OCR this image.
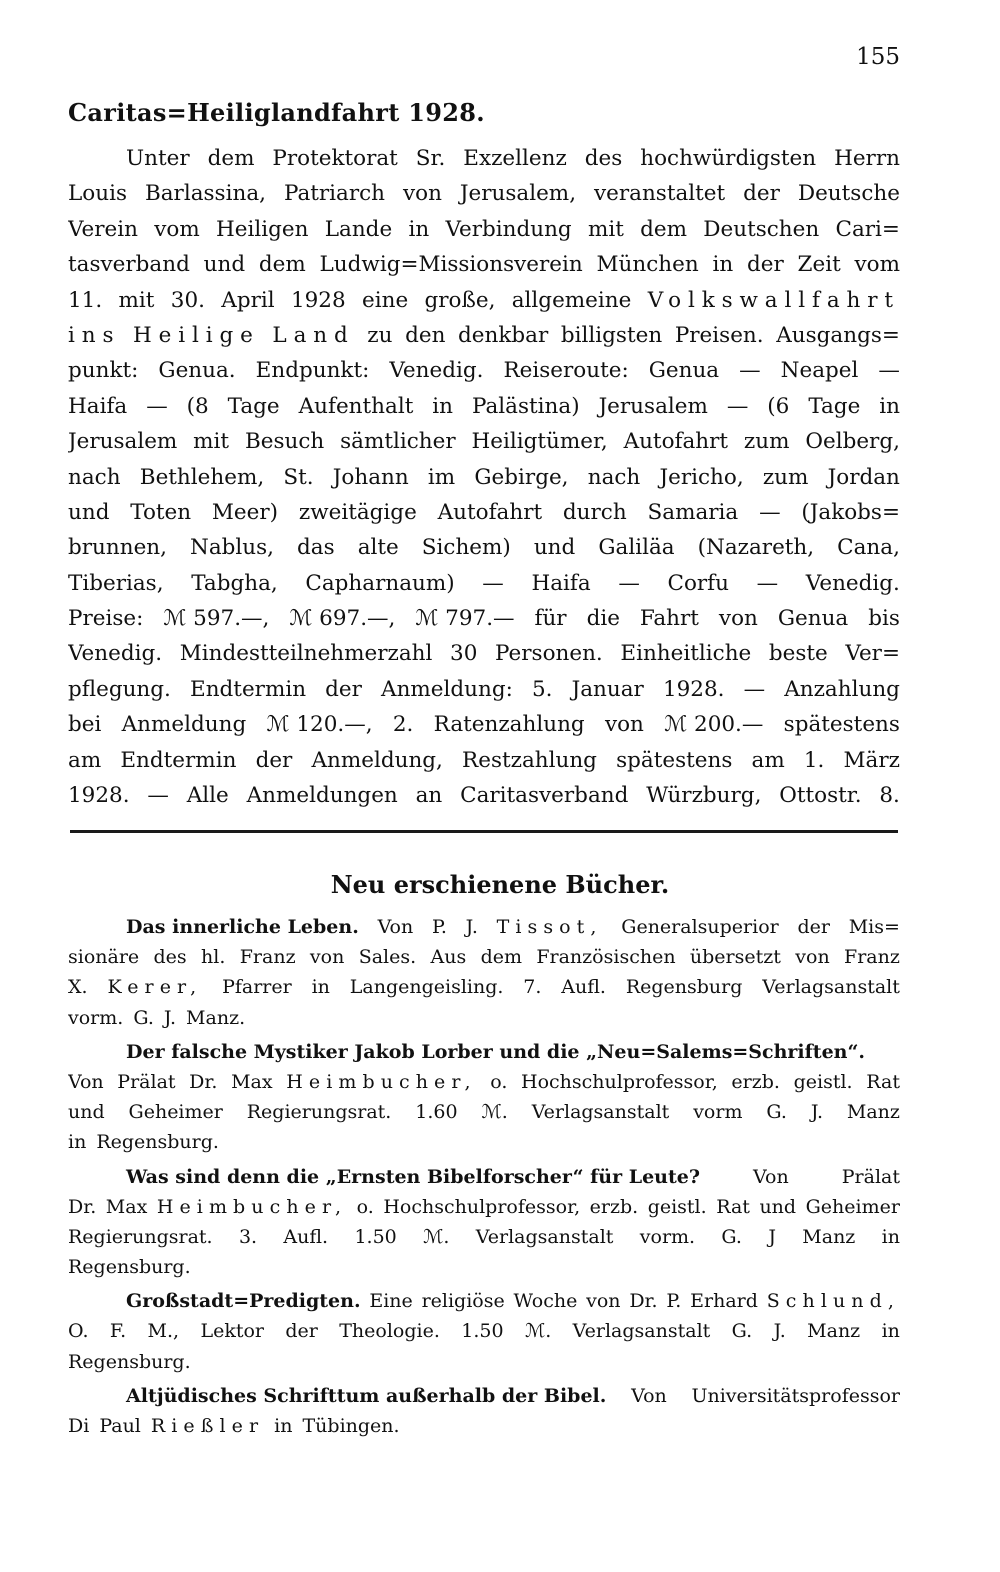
155
Caritas=Heiliglandfahrt 1928.
Unter dem Protektorat Sr. Exzellenz des hochwürdigsten Herrn
Louis Barlassina, Patriarch von Jerusalem, veranstaltet der Deutsche
Verein vom Heiligen Lande in Verbindung mit dem Deutschen Cari=
tasverband und dem Ludwig=Missionsverein München in der Zeit vom
11. mit 30. April 1928 eine große, allgemeine Volkswallfahrt
ins Heilige Land zu den denkbar billigsten Preisen. Ausgangs=
punkt: Genua. Endpunkt: Venedig. Reiseroute: Genua — Neapel —
Haifa — (8 Tage Aufenthalt in Palästina) Jerusalem — (6 Tage in
Jerusalem mit Besuch sämtlicher Heiligtümer, Autofahrt zum Oelberg,
nach Bethlehem, St. Johann im Gebirge, nach Jericho, zum Jordan
und Toten Meer) zweitägige Autofahrt durch Samaria — (Jakobs=
brunnen, Nablus, das alte Sichem) und Galiläa (Nazareth, Cana,
Tiberias, Tabgha, Capharnaum) — Haifa — Corfu — Venedig.
Preise: ℳ 597.—, ℳ 697.—, ℳ 797.— für die Fahrt von Genua bis
Venedig. Mindestteilnehmerzahl 30 Personen. Einheitliche beste Ver=
pflegung. Endtermin der Anmeldung: 5. Januar 1928. — Anzahlung
bei Anmeldung ℳ 120.—, 2. Ratenzahlung von ℳ 200.— spätestens
am Endtermin der Anmeldung, Restzahlung spätestens am 1. März
1928. — Alle Anmeldungen an Caritasverband Würzburg, Ottostr. 8.
Neu erschienene Bücher.
Das innerliche Leben. Von P. J. Tissot, Generalsuperior der Mis=
sionäre des hl. Franz von Sales. Aus dem Französischen übersetzt von Franz
X. Kerer, Pfarrer in Langengeisling. 7. Aufl. Regensburg Verlagsanstalt
vorm. G. J. Manz.
Der falsche Mystiker Jakob Lorber und die „Neu=Salems=Schriften“.
Von Prälat Dr. Max Heimbucher, o. Hochschulprofessor, erzb. geistl. Rat
und Geheimer Regierungsrat. 1.60 ℳ. Verlagsanstalt vorm G. J. Manz
in Regensburg.
Was sind denn die „Ernsten Bibelforscher“ für Leute?	Von	Prälat
Dr. Max Heimbucher, o. Hochschulprofessor, erzb. geistl. Rat und Geheimer
Regierungsrat. 3. Aufl. 1.50 ℳ. Verlagsanstalt vorm. G. J Manz in
Regensburg.
Großstadt=Predigten. Eine religiöse Woche von Dr. P. Erhard Schlund,
O. F. M., Lektor der Theologie. 1.50 ℳ. Verlagsanstalt G. J. Manz in
Regensburg.
Altjüdisches Schrifttum außerhalb der Bibel. Von Universitätsprofessor
Di Paul Rießler in Tübingen.
